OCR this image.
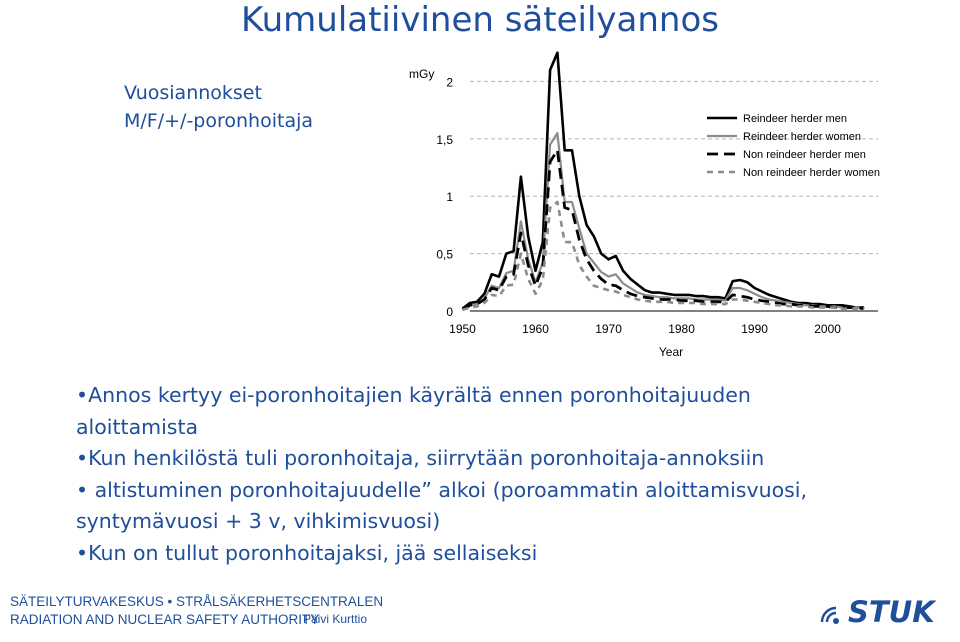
Kumulatiivinen säteilyannos
Vuosiannokset
M/F/+/-poronhoitaja
0
0,5
1
1,5
2
mGy
1950	1960	1970	1980	1990	2000
Year
Reindeer herder men
Reindeer herder women
Non reindeer herder men
Non reindeer herder women
•Annos kertyy ei-poronhoitajien käyrältä ennen poronhoitajuuden
aloittamista
•Kun henkilöstä tuli poronhoitaja, siirrytään poronhoitaja-annoksiin
• altistuminen poronhoitajuudelle” alkoi (poroammatin aloittamisvuosi,
syntymävuosi + 3 v, vihkimisvuosi)
•Kun on tullut poronhoitajaksi, jää sellaiseksi
SÄTEILYTURVAKESKUS • STRÅLSÄKERHETSCENTRALEN
RADIATION AND NUCLEAR SAFETY AUTHORITY
Päivi Kurttio	STUK
